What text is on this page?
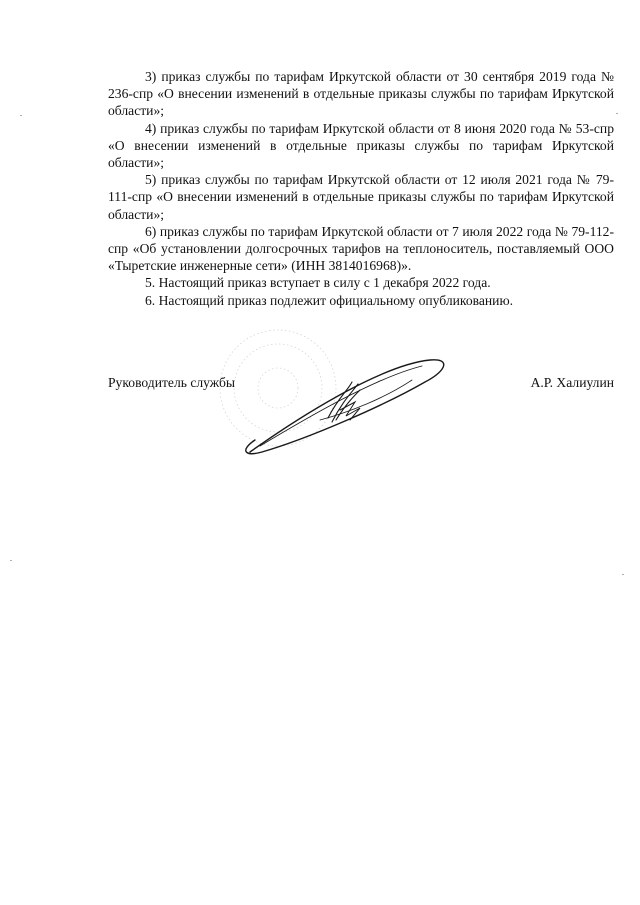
3) приказ службы по тарифам Иркутской области от 30 сентября 2019 года № 236-спр «О внесении изменений в отдельные приказы службы по тарифам Иркутской области»;

4) приказ службы по тарифам Иркутской области от 8 июня 2020 года № 53-спр «О внесении изменений в отдельные приказы службы по тарифам Иркутской области»;

5) приказ службы по тарифам Иркутской области от 12 июля 2021 года № 79-111-спр «О внесении изменений в отдельные приказы службы по тарифам Иркутской области»;

6) приказ службы по тарифам Иркутской области от 7 июля 2022 года № 79-112-спр «Об установлении долгосрочных тарифов на теплоноситель, поставляемый ООО «Тыретские инженерные сети» (ИНН 3814016968)».

5. Настоящий приказ вступает в силу с 1 декабря 2022 года.

6. Настоящий приказ подлежит официальному опубликованию.

Руководитель службы	А.Р. Халиулин
